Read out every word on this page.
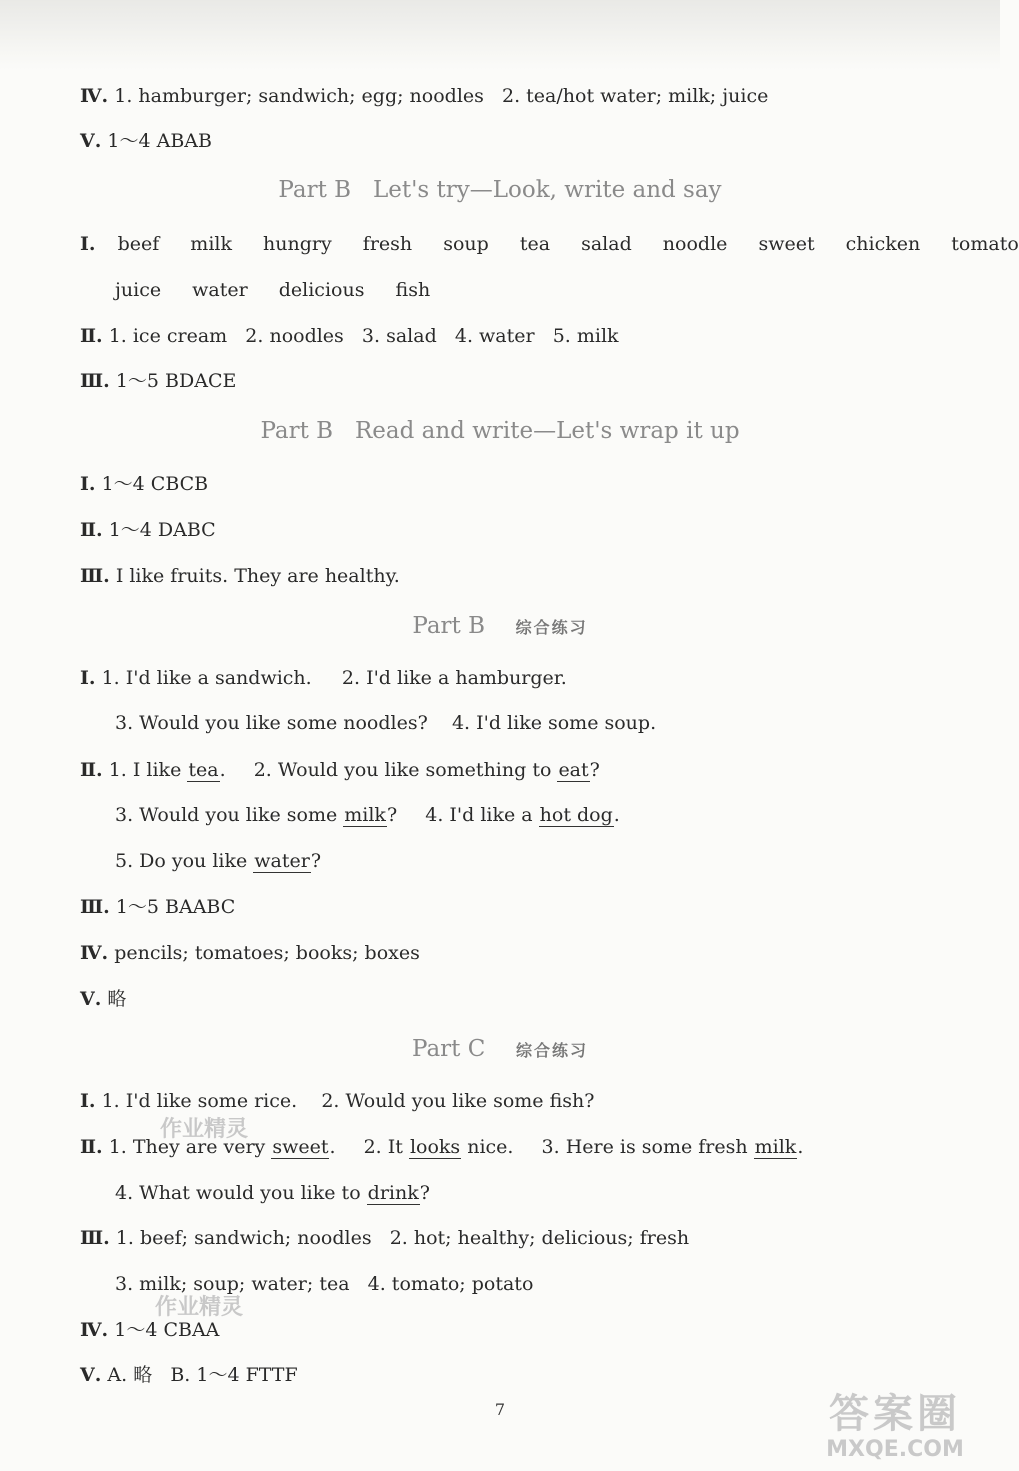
Ⅳ. 1. hamburger; sandwich; egg; noodles   2. tea/hot water; milk; juice
Ⅴ. 1～4 ABAB
Part B   Let's try—Look, write and say
Ⅰ. beef milk hungry fresh soup tea salad noodle sweet chicken tomato
juice water delicious fish
Ⅱ. 1. ice cream   2. noodles   3. salad   4. water   5. milk
Ⅲ. 1～5 BDACE
Part B   Read and write—Let's wrap it up
Ⅰ. 1～4 CBCB
Ⅱ. 1～4 DABC
Ⅲ. I like fruits. They are healthy.
Part B 综合练习
Ⅰ. 1. I'd like a sandwich.     2. I'd like a hamburger.
3. Would you like some noodles?    4. I'd like some soup.
Ⅱ. 1. I like tea. 2. Would you like something to eat?
3. Would you like some milk? 4. I'd like a hot dog.
5. Do you like water?
Ⅲ. 1～5 BAABC
Ⅳ. pencils; tomatoes; books; boxes
Ⅴ. 略
Part C 综合练习
Ⅰ. 1. I'd like some rice.    2. Would you like some fish?
Ⅱ. 1. They are very sweet. 2. It looks nice. 3. Here is some fresh milk.
4. What would you like to drink?
Ⅲ. 1. beef; sandwich; noodles   2. hot; healthy; delicious; fresh
3. milk; soup; water; tea   4. tomato; potato
Ⅳ. 1～4 CBAA
Ⅴ. A. 略   B. 1～4 FTTF
作业精灵
作业精灵
7	答案圈
MXQE.COM
